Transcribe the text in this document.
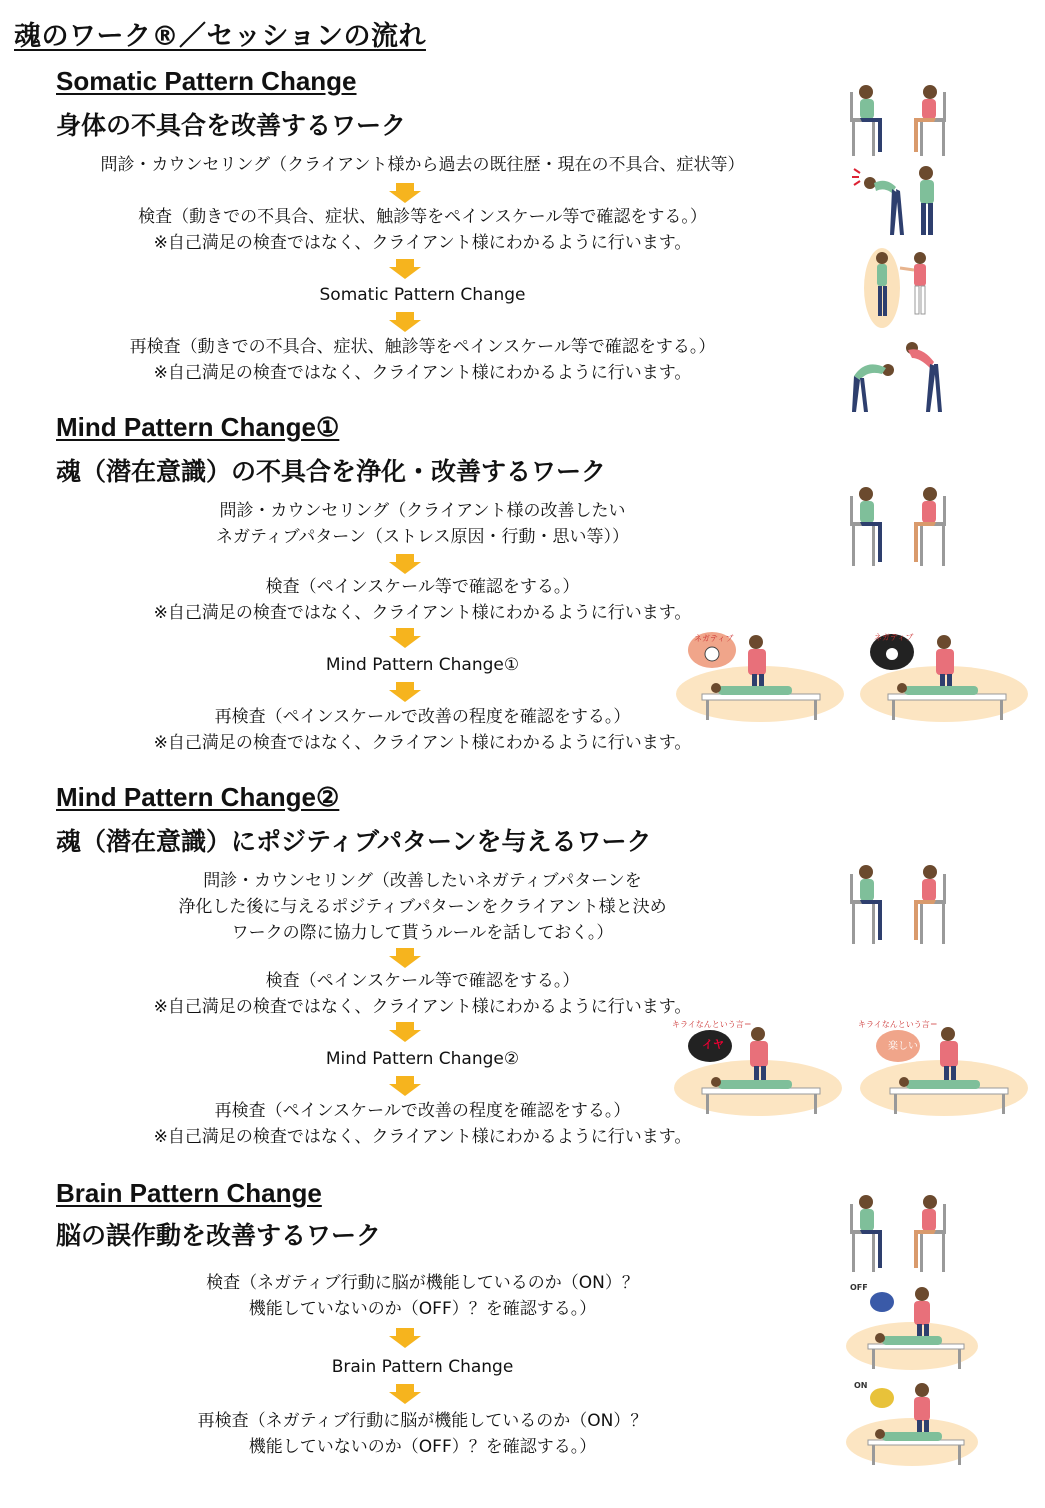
魂のワーク®／セッションの流れ
Somatic Pattern Change
身体の不具合を改善するワーク
問診・カウンセリング（クライアント様から過去の既往歴・現在の不具合、症状等）
検査（動きでの不具合、症状、触診等をペインスケール等で確認をする。）
※自己満足の検査ではなく、クライアント様にわかるように行います。
Somatic Pattern Change
再検査（動きでの不具合、症状、触診等をペインスケール等で確認をする。）
※自己満足の検査ではなく、クライアント様にわかるように行います。
Mind Pattern Change①
魂（潜在意識）の不具合を浄化・改善するワーク
問診・カウンセリング（クライアント様の改善したい
ネガティブパターン（ストレス原因・行動・思い等））
検査（ペインスケール等で確認をする。）
※自己満足の検査ではなく、クライアント様にわかるように行います。
Mind Pattern Change①
再検査（ペインスケールで改善の程度を確認をする。）
※自己満足の検査ではなく、クライアント様にわかるように行います。
ネガティブ	ネガティブ
Mind Pattern Change②
魂（潜在意識）にポジティブパターンを与えるワーク
問診・カウンセリング（改善したいネガティブパターンを
浄化した後に与えるポジティブパターンをクライアント様と決め
ワークの際に協力して貰うルールを話しておく。）
検査（ペインスケール等で確認をする。）
※自己満足の検査ではなく、クライアント様にわかるように行います。
Mind Pattern Change②
再検査（ペインスケールで改善の程度を確認をする。）
※自己満足の検査ではなく、クライアント様にわかるように行います。
キライなんという言＝
イヤ
キライなんという言＝
楽しい
Brain Pattern Change
脳の誤作動を改善するワーク
検査（ネガティブ行動に脳が機能しているのか（ON）？
機能していないのか（OFF）？を確認する。）
Brain Pattern Change
再検査（ネガティブ行動に脳が機能しているのか（ON）？
機能していないのか（OFF）？を確認する。）
OFF
ON
